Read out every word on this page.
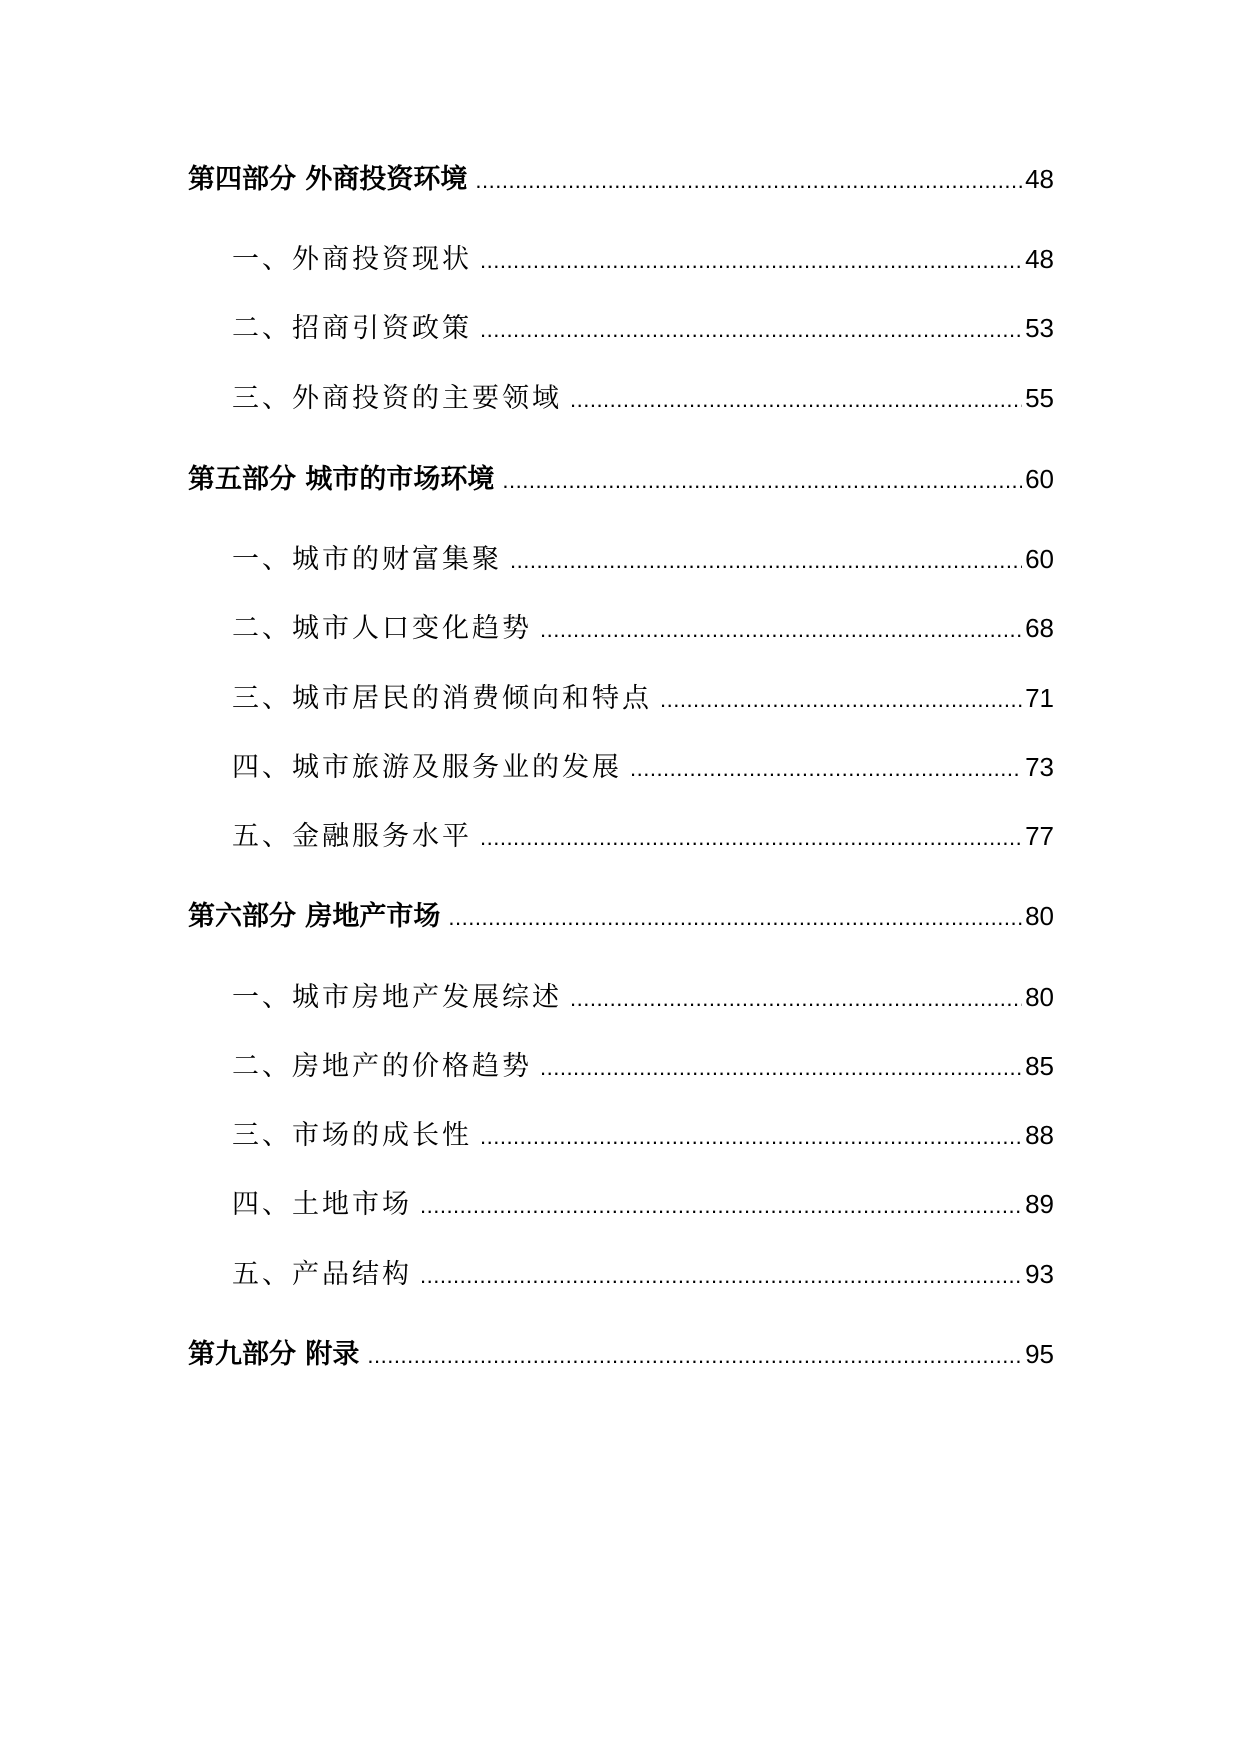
第四部分 外商投资环境 .....	48
一、外商投资现状 .....	48
二、招商引资政策 .....	53
三、外商投资的主要领域 .....	55
第五部分 城市的市场环境 .....	60
一、城市的财富集聚 .....	60
二、城市人口变化趋势 .....	68
三、城市居民的消费倾向和特点 .....	71
四、城市旅游及服务业的发展 .....	73
五、金融服务水平 .....	77
第六部分 房地产市场 .....	80
一、城市房地产发展综述 .....	80
二、房地产的价格趋势 .....	85
三、市场的成长性 .....	88
四、土地市场 .....	89
五、产品结构 .....	93
第九部分 附录 .....	95
